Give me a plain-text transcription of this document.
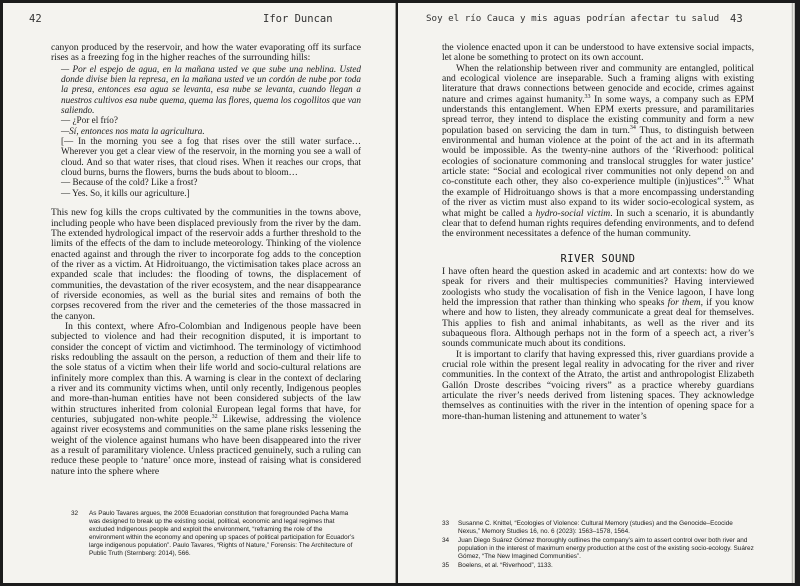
42	Ifor Duncan

canyon produced by the reservoir, and how the water evaporating off its surface rises as a freezing fog in the higher reaches of the surrounding hills:

— Por el espejo de agua, en la mañana usted ve que sube una neblina. Usted donde divise bien la represa, en la mañana usted ve un cordón de nube por toda la presa, entonces esa agua se levanta, esa nube se levanta, cuando llegan a nuestros cultivos esa nube quema, quema las flores, quema los cogollitos que van saliendo.

— ¿Por el frío?

—Sí, entonces nos mata la agricultura.

[— In the morning you see a fog that rises over the still water surface… Wherever you get a clear view of the reservoir, in the morning you see a wall of cloud. And so that water rises, that cloud rises. When it reaches our crops, that cloud burns, burns the flowers, burns the buds about to bloom…

— Because of the cold? Like a frost?

— Yes. So, it kills our agriculture.]

This new fog kills the crops cultivated by the communities in the towns above, including people who have been displaced previously from the river by the dam. The extended hydrological impact of the reservoir adds a further threshold to the limits of the effects of the dam to include meteorology. Thinking of the violence enacted against and through the river to incorporate fog adds to the conception of the river as a victim. At Hidroituango, the victimisation takes place across an expanded scale that includes: the flooding of towns, the displacement of communities, the devastation of the river ecosystem, and the near disappearance of riverside economies, as well as the burial sites and remains of both the corpses recovered from the river and the cemeteries of the those massacred in the canyon.

In this context, where Afro-Colombian and Indigenous people have been subjected to violence and had their recognition disputed, it is important to consider the concept of victim and victimhood. The terminology of victimhood risks redoubling the assault on the person, a reduction of them and their life to the sole status of a victim when their life world and socio-cultural relations are infinitely more complex than this. A warning is clear in the context of declaring a river and its community victims when, until only recently, Indigenous peoples and more-than-human entities have not been considered subjects of the law within structures inherited from colonial European legal forms that have, for centuries, subjugated non-white people.$^{32}$ Likewise, addressing the violence against river ecosystems and communities on the same plane risks lessening the weight of the violence against humans who have been disappeared into the river as a result of paramilitary violence. Unless practiced genuinely, such a ruling can reduce these people to ‘nature’ once more, instead of raising what is considered nature into the sphere where

32	As Paulo Tavares argues, the 2008 Ecuadorian constitution that foregrounded Pacha Mama was designed to break up the existing social, political, economic and legal regimes that excluded Indigenous people and exploit the environment, “reframing the role of the environment within the economy and opening up spaces of political participation for Ecuador’s large indigenous population”. Paulo Tavares, “Rights of Nature,” Forensis: The Architecture of Public Truth (Sternberg: 2014), 566.
Soy el río Cauca y mis aguas podrían afectar tu salud 43

the violence enacted upon it can be understood to have extensive social impacts, let alone be something to protect on its own account.

When the relationship between river and community are entangled, political and ecological violence are inseparable. Such a framing aligns with existing literature that draws connections between genocide and ecocide, crimes against nature and crimes against humanity.$^{33}$ In some ways, a company such as EPM understands this entanglement. When EPM exerts pressure, and paramilitaries spread terror, they intend to displace the existing community and form a new population based on servicing the dam in turn.$^{34}$ Thus, to distinguish between environmental and human violence at the point of the act and in its aftermath would be impossible. As the twenty-nine authors of the ‘Riverhood: political ecologies of socionature commoning and translocal struggles for water justice’ article state: “Social and ecological river communities not only depend on and co-constitute each other, they also co-experience multiple (in)justices”.$^{35}$ What the example of Hidroituango shows is that a more encompassing understanding of the river as victim must also expand to its wider socio-ecological system, as what might be called a hydro-social victim. In such a scenario, it is abundantly clear that to defend human rights requires defending environments, and to defend the environment necessitates a defence of the human community.

RIVER SOUND

I have often heard the question asked in academic and art contexts: how do we speak for rivers and their multispecies communities? Having interviewed zoologists who study the vocalisation of fish in the Venice lagoon, I have long held the impression that rather than thinking who speaks for them, if you know where and how to listen, they already communicate a great deal for themselves. This applies to fish and animal inhabitants, as well as the river and its subaqueous flora. Although perhaps not in the form of a speech act, a river’s sounds communicate much about its conditions.

It is important to clarify that having expressed this, river guardians provide a crucial role within the present legal reality in advocating for the river and river communities. In the context of the Atrato, the artist and anthropologist Elizabeth Gallón Droste describes “voicing rivers” as a practice whereby guardians articulate the river’s needs derived from listening spaces. They acknowledge themselves as continuities with the river in the intention of opening space for a more-than-human listening and attunement to water’s

33	Susanne C. Knittel, “Ecologies of Violence: Cultural Memory (studies) and the Genocide–Ecocide Nexus,” Memory Studies 16, no. 6 (2023): 1563–1578, 1564.
34	Juan Diego Suárez Gómez thoroughly outlines the company’s aim to assert control over both river and population in the interest of maximum energy production at the cost of the existing socio-ecology. Suárez Gómez, “The New Imagined Communities”.
35	Boelens, et al. “Riverhood”, 1133.
